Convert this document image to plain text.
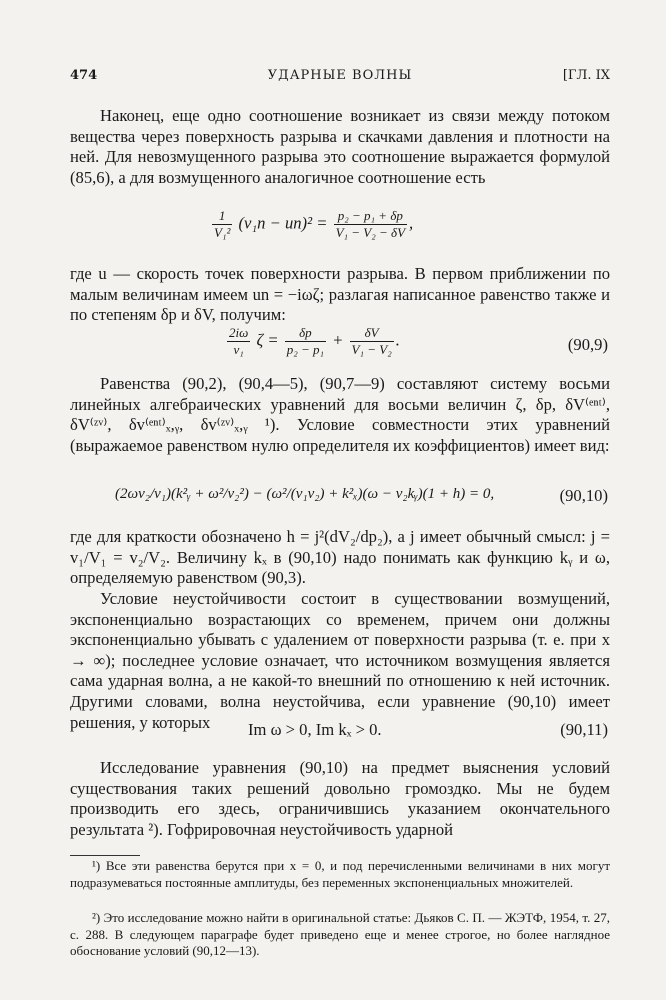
474	УДАРНЫЕ ВОЛНЫ	[ГЛ. IX
Наконец, еще одно соотношение возникает из связи между потоком вещества через поверхность разрыва и скачками давления и плотности на ней. Для невозмущенного разрыва это соотношение выражается формулой (85,6), а для возмущенного аналогичное соотношение есть
$\frac{1}{\text{V₁²}} (v_1n - un)^2 = \frac{\text{p₂ − p₁ + δp}}{\text{V₁ − V₂ − δV}}$ ,
где u — скорость точек поверхности разрыва. В первом приближении по малым величинам имеем un = −iωζ; разлагая написанное равенство также и по степеням δp и δV, получим:
$\frac{2i\omega}{\text{v₁}}$ $\zeta = \frac{\delta p}{\text{p₂ − p₁}} + \frac{\delta V}{\text{V₁ − V₂}}$ .	(90,9)
Равенства (90,2), (90,4—5), (90,7—9) составляют систему восьми линейных алгебраических уравнений для восьми величин ζ, δp, δV⁽ᵉⁿᵗ⁾, δV⁽ᶻᵛ⁾, δv⁽ᵉⁿᵗ⁾ₓ,ᵧ, δv⁽ᶻᵛ⁾ₓ,ᵧ ¹). Условие совместности этих уравнений (выражаемое равенством нулю определителя их коэффициентов) имеет вид:
(2ωv₂/v₁)(k²ᵧ + ω²/v₂²) − (ω²/(v₁v₂) + k²ₓ)(ω − v₂kᵧ)(1 + h) = 0,	(90,10)
где для краткости обозначено h = j²(dV₂/dp₂), а j имеет обычный смысл: j = v₁/V₁ = v₂/V₂. Величину kₓ в (90,10) надо понимать как функцию kᵧ и ω, определяемую равенством (90,3).
Условие неустойчивости состоит в существовании возмущений, экспоненциально возрастающих со временем, причем они должны экспоненциально убывать с удалением от поверхности разрыва (т. е. при x → ∞); последнее условие означает, что источником возмущения является сама ударная волна, а не какой-то внешний по отношению к ней источник. Другими словами, волна неустойчива, если уравнение (90,10) имеет решения, у которых	Im ω > 0, Im kₓ > 0.	(90,11)
Исследование уравнения (90,10) на предмет выяснения условий существования таких решений довольно громоздко. Мы не будем производить его здесь, ограничившись указанием окончательного результата ²). Гофрировочная неустойчивость ударной
¹) Все эти равенства берутся при x = 0, и под перечисленными величинами в них могут подразумеваться постоянные амплитуды, без переменных экспоненциальных множителей.
²) Это исследование можно найти в оригинальной статье: Дьяков С. П. — ЖЭТФ, 1954, т. 27, с. 288. В следующем параграфе будет приведено еще и менее строгое, но более наглядное обоснование условий (90,12—13).
